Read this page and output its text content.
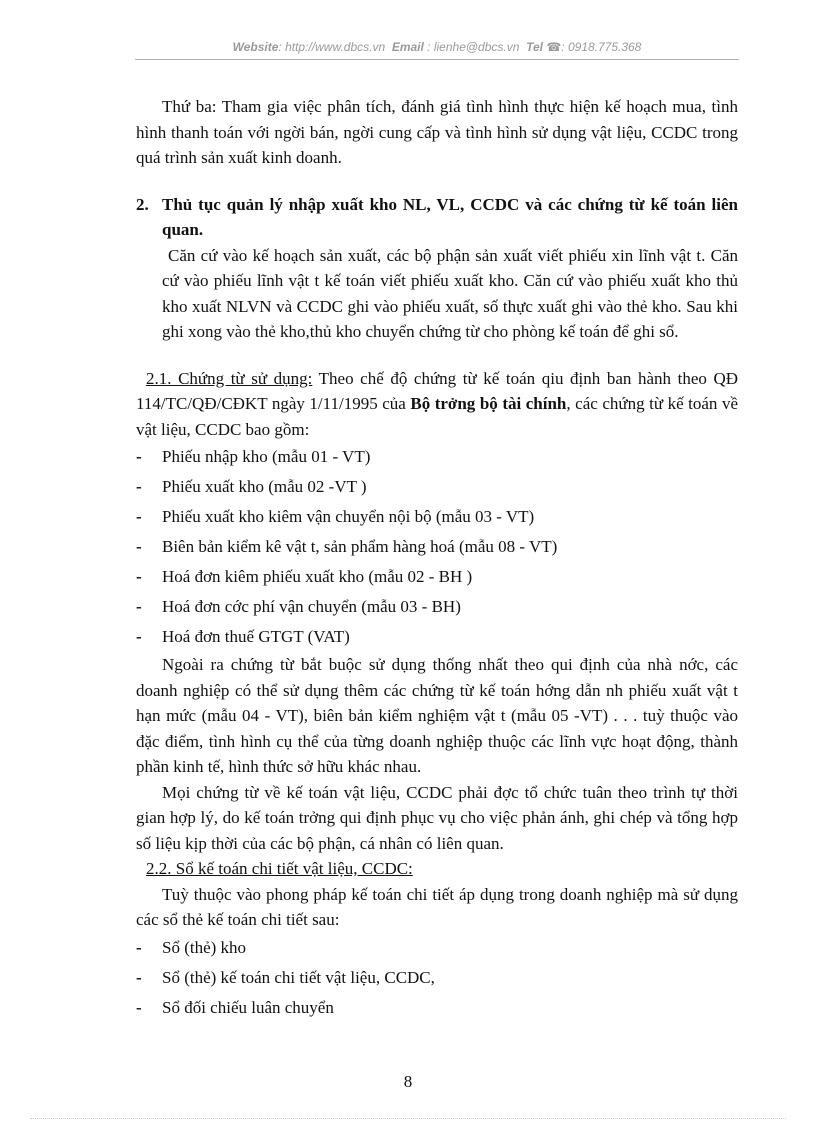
Website: http://www.dbcs.vn Email : lienhe@dbcs.vn Tel ☎: 0918.775.368

Thứ ba: Tham gia việc phân tích, đánh giá tình hình thực hiện kế hoạch mua, tình hình thanh toán với ngời bán, ngời cung cấp và tình hình sử dụng vật liệu, CCDC trong quá trình sản xuất kinh doanh.

2. Thủ tục quản lý nhập xuất kho NL, VL, CCDC và các chứng từ kế toán liên quan.

Căn cứ vào kế hoạch sản xuất, các bộ phận sản xuất viết phiếu xin lĩnh vật t. Căn cứ vào phiếu lĩnh vật t kế toán viết phiếu xuất kho. Căn cứ vào phiếu xuất kho thủ kho xuất NLVN và CCDC ghi vào phiếu xuất, số thực xuất ghi vào thẻ kho. Sau khi ghi xong vào thẻ kho,thủ kho chuyển chứng từ cho phòng kế toán để ghi sổ.

2.1. Chứng từ sử dụng: Theo chế độ chứng từ kế toán qiu định ban hành theo QĐ 114/TC/QĐ/CĐKT ngày 1/11/1995 của Bộ trởng bộ tài chính, các chứng từ kế toán về vật liệu, CCDC bao gồm:

- Phiếu nhập kho (mẫu 01 - VT)
- Phiếu xuất kho (mẫu 02 -VT )
- Phiếu xuất kho kiêm vận chuyển nội bộ (mẫu 03 - VT)
- Biên bản kiểm kê vật t, sản phẩm hàng hoá (mẫu 08 - VT)
- Hoá đơn kiêm phiếu xuất kho (mẫu 02 - BH )
- Hoá đơn cớc phí vận chuyển (mẫu 03 - BH)
- Hoá đơn thuế GTGT (VAT)

Ngoài ra chứng từ bắt buộc sử dụng thống nhất theo qui định của nhà nớc, các doanh nghiệp có thể sử dụng thêm các chứng từ kế toán hớng dẫn nh phiếu xuất vật t hạn mức (mẫu 04 - VT), biên bản kiểm nghiệm vật t (mẫu 05 -VT) . . . tuỳ thuộc vào đặc điểm, tình hình cụ thể của từng doanh nghiệp thuộc các lĩnh vực hoạt động, thành phần kinh tế, hình thức sở hữu khác nhau.

Mọi chứng từ về kế toán vật liệu, CCDC phải đợc tổ chức tuân theo trình tự thời gian hợp lý, do kế toán trởng qui định phục vụ cho việc phản ánh, ghi chép và tổng hợp số liệu kịp thời của các bộ phận, cá nhân có liên quan.

2.2. Sổ kế toán chi tiết vật liệu, CCDC:

Tuỳ thuộc vào phong pháp kế toán chi tiết áp dụng trong doanh nghiệp mà sử dụng các sổ thẻ kế toán chi tiết sau:

- Sổ (thẻ) kho
- Sổ (thẻ) kế toán chi tiết vật liệu, CCDC,
- Sổ đối chiếu luân chuyển
8
